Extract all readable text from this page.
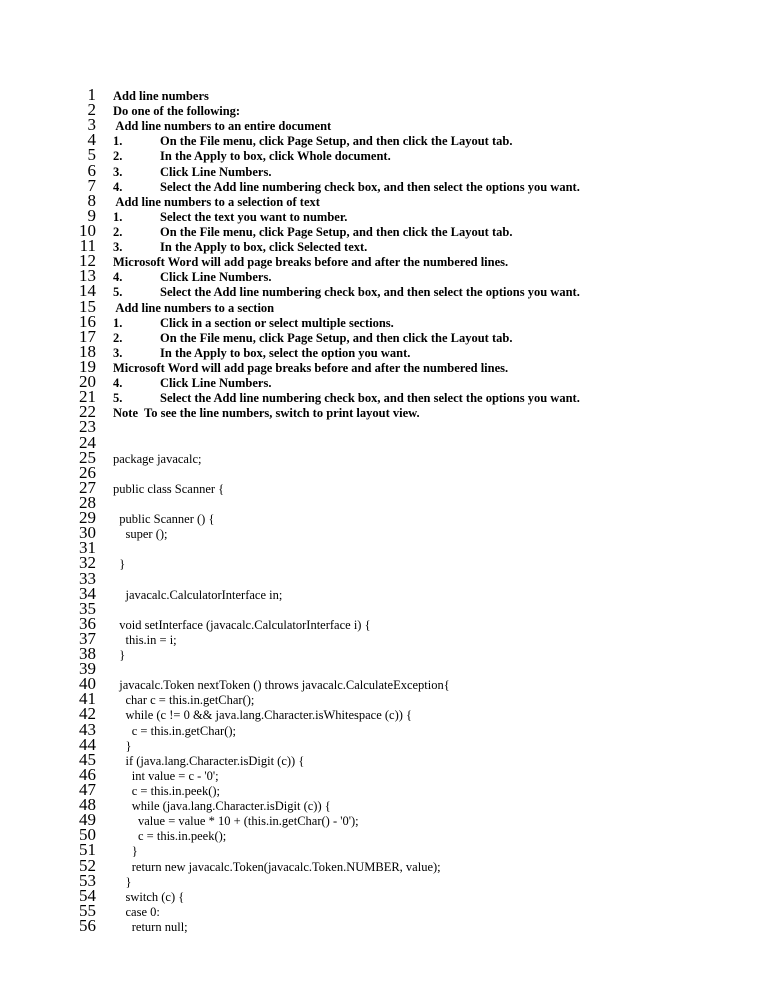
1
2
3
4
5
6
7
8
9
10
11
12
13
14
15
16
17
18
19
20
21
22
23
24
25
26
27
28
29
30
31
32
33
34
35
36
37
38
39
40
41
42
43
44
45
46
47
48
49
50
51
52
53
54
55
56
Add line numbers
Do one of the following:
Add line numbers to an entire document
1.	On the File menu, click Page Setup, and then click the Layout tab.
2.	In the Apply to box, click Whole document.
3.	Click Line Numbers.
4.	Select the Add line numbering check box, and then select the options you want.
Add line numbers to a selection of text
1.	Select the text you want to number.
2.	On the File menu, click Page Setup, and then click the Layout tab.
3.	In the Apply to box, click Selected text.
Microsoft Word will add page breaks before and after the numbered lines.
4.	Click Line Numbers.
5.	Select the Add line numbering check box, and then select the options you want.
Add line numbers to a section
1.	Click in a section or select multiple sections.
2.	On the File menu, click Page Setup, and then click the Layout tab.
3.	In the Apply to box, select the option you want.
Microsoft Word will add page breaks before and after the numbered lines.
4.	Click Line Numbers.
5.	Select the Add line numbering check box, and then select the options you want.
Note  To see the line numbers, switch to print layout view.
package javacalc;
public class Scanner {
public Scanner () {
super ();
}
javacalc.CalculatorInterface in;
void setInterface (javacalc.CalculatorInterface i) {
this.in = i;
}
javacalc.Token nextToken () throws javacalc.CalculateException{
char c = this.in.getChar();
while (c != 0 && java.lang.Character.isWhitespace (c)) {
c = this.in.getChar();
}
if (java.lang.Character.isDigit (c)) {
int value = c - '0';
c = this.in.peek();
while (java.lang.Character.isDigit (c)) {
value = value * 10 + (this.in.getChar() - '0');
c = this.in.peek();
}
return new javacalc.Token(javacalc.Token.NUMBER, value);
}
switch (c) {
case 0:
return null;
